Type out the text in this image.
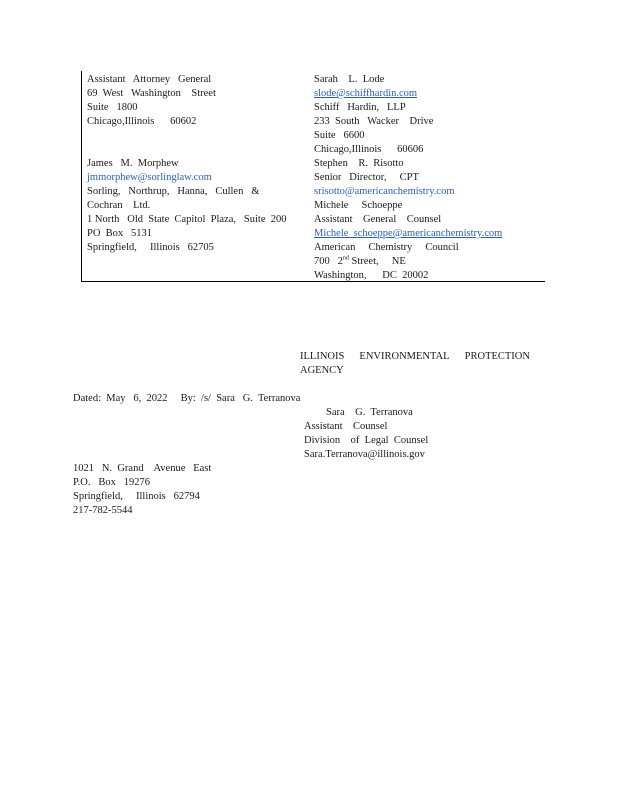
Assistant   Attorney   General
69  West   Washington    Street
Suite   1800
Chicago,Illinois      60602
James   M.  Morphew
jmmorphew@sorlinglaw.com
Sorling,   Northrup,   Hanna,   Cullen   &
Cochran    Ltd.
1 North   Old  State  Capitol  Plaza,   Suite  200
PO  Box   5131
Springfield,     Illinois   62705
Sarah    L.  Lode
slode@schiffhardin.com
Schiff   Hardin,   LLP
233  South   Wacker    Drive
Suite   6600
Chicago,Illinois      60606
Stephen    R.  Risotto
Senior   Director,     CPT
srisotto@americanchemistry.com
Michele     Schoeppe
Assistant    General    Counsel
Michele_schoeppe@americanchemistry.com
American     Chemistry     Council
700   2nd Street,     NE
Washington,      DC  20002
ILLINOIS ENVIRONMENTAL PROTECTION
AGENCY
Dated:  May   6,  2022     By:  /s/  Sara   G.  Terranova
Sara    G.  Terranova
Assistant    Counsel
Division    of  Legal  Counsel
Sara.Terranova@illinois.gov
1021   N.  Grand    Avenue   East
P.O.   Box   19276
Springfield,     Illinois   62794
217-782-5544
